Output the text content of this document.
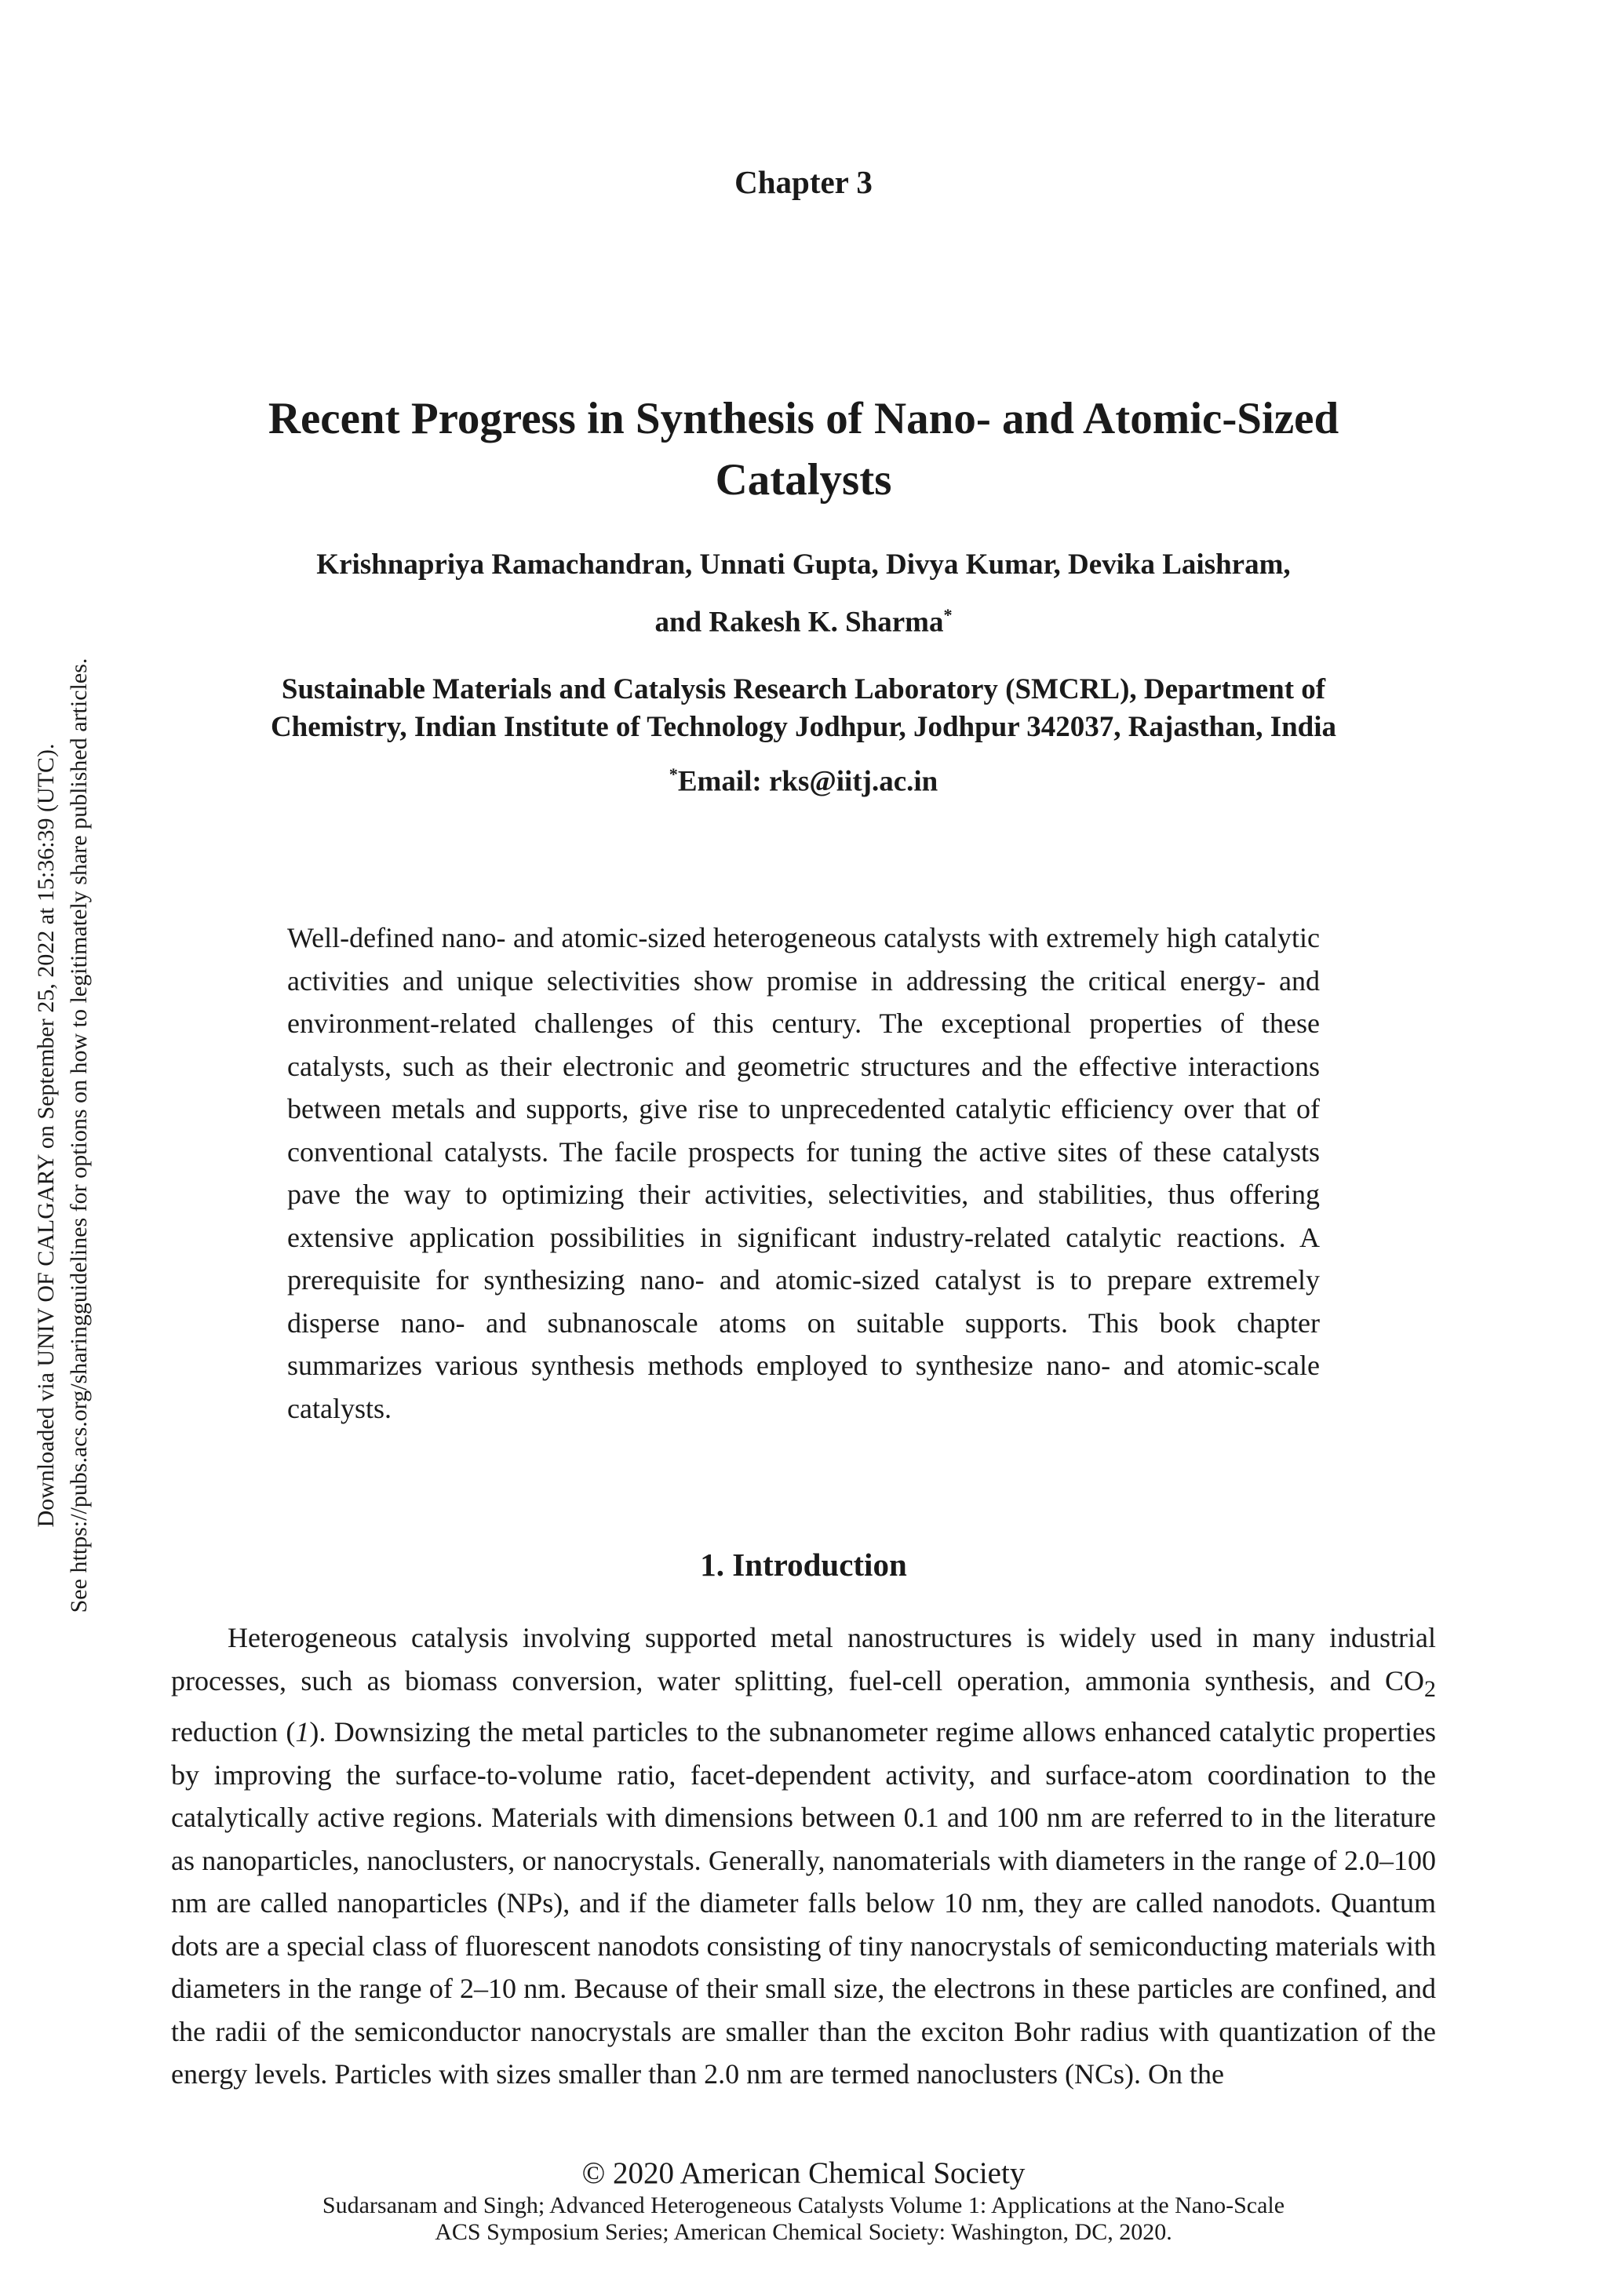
Downloaded via UNIV OF CALGARY on September 25, 2022 at 15:36:39 (UTC). See https://pubs.acs.org/sharingguidelines for options on how to legitimately share published articles.
Chapter 3
Recent Progress in Synthesis of Nano- and Atomic-Sized Catalysts
Krishnapriya Ramachandran, Unnati Gupta, Divya Kumar, Devika Laishram,
and Rakesh K. Sharma*
Sustainable Materials and Catalysis Research Laboratory (SMCRL), Department of
Chemistry, Indian Institute of Technology Jodhpur, Jodhpur 342037, Rajasthan, India
*Email: rks@iitj.ac.in
Well-defined nano- and atomic-sized heterogeneous catalysts with extremely high catalytic activities and unique selectivities show promise in addressing the critical energy- and environment-related challenges of this century. The exceptional properties of these catalysts, such as their electronic and geometric structures and the effective interactions between metals and supports, give rise to unprecedented catalytic efficiency over that of conventional catalysts. The facile prospects for tuning the active sites of these catalysts pave the way to optimizing their activities, selectivities, and stabilities, thus offering extensive application possibilities in significant industry-related catalytic reactions. A prerequisite for synthesizing nano- and atomic-sized catalyst is to prepare extremely disperse nano- and subnanoscale atoms on suitable supports. This book chapter summarizes various synthesis methods employed to synthesize nano- and atomic-scale catalysts.
1. Introduction
Heterogeneous catalysis involving supported metal nanostructures is widely used in many industrial processes, such as biomass conversion, water splitting, fuel-cell operation, ammonia synthesis, and $CO_2$ reduction (1). Downsizing the metal particles to the subnanometer regime allows enhanced catalytic properties by improving the surface-to-volume ratio, facet-dependent activity, and surface-atom coordination to the catalytically active regions. Materials with dimensions between 0.1 and 100 nm are referred to in the literature as nanoparticles, nanoclusters, or nanocrystals. Generally, nanomaterials with diameters in the range of 2.0–100 nm are called nanoparticles (NPs), and if the diameter falls below 10 nm, they are called nanodots. Quantum dots are a special class of fluorescent nanodots consisting of tiny nanocrystals of semiconducting materials with diameters in the range of 2–10 nm. Because of their small size, the electrons in these particles are confined, and the radii of the semiconductor nanocrystals are smaller than the exciton Bohr radius with quantization of the energy levels. Particles with sizes smaller than 2.0 nm are termed nanoclusters (NCs). On the
© 2020 American Chemical Society
Sudarsanam and Singh; Advanced Heterogeneous Catalysts Volume 1: Applications at the Nano-Scale
ACS Symposium Series; American Chemical Society: Washington, DC, 2020.
